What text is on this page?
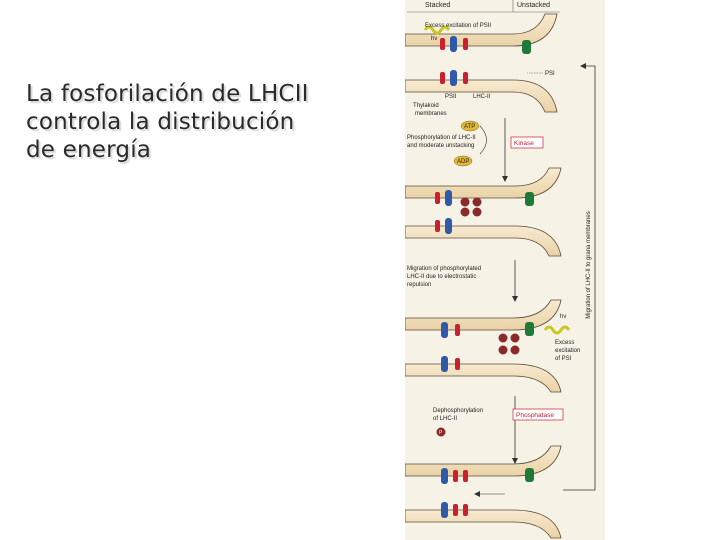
La fosforilación de LHCII
controla la distribución
de energía
Stacked	Unstacked
Excess excitation of PSII
hν
PSI
PSII	LHC-II
Thylakoid
membranes
ATP
ADP
Phosphorylation of LHC-II
and moderate unstacking	Kinase
Migration of phosphorylated
LHC-II due to electrostatic
repulsion
hν
Excess
excitation
of PSI
Dephosphorylation
of LHC-II	Phosphatase
P
Migration of LHC-II to grana membranes
